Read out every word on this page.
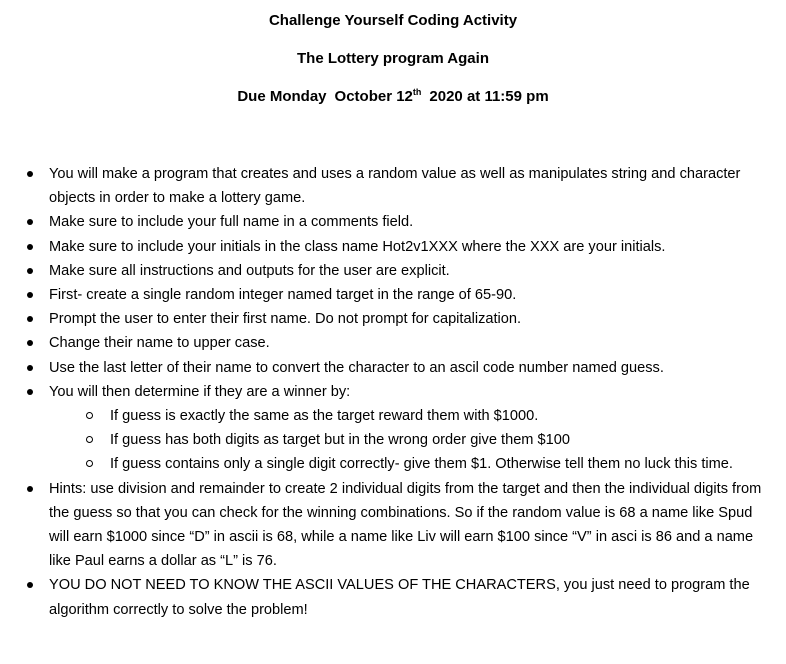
Challenge Yourself Coding Activity
The Lottery program Again
Due Monday October 12th 2020 at 11:59 pm
You will make a program that creates and uses a random value as well as manipulates string and character objects in order to make a lottery game.
Make sure to include your full name in a comments field.
Make sure to include your initials in the class name Hot2v1XXX where the XXX are your initials.
Make sure all instructions and outputs for the user are explicit.
First- create a single random integer named target in the range of 65-90.
Prompt the user to enter their first name. Do not prompt for capitalization.
Change their name to upper case.
Use the last letter of their name to convert the character to an ascil code number named guess.
You will then determine if they are a winner by:
If guess is exactly the same as the target reward them with $1000.
If guess has both digits as target but in the wrong order give them $100
If guess contains only a single digit correctly- give them $1. Otherwise tell them no luck this time.
Hints: use division and remainder to create 2 individual digits from the target and then the individual digits from the guess so that you can check for the winning combinations. So if the random value is 68 a name like Spud will earn $1000 since “D” in ascii is 68, while a name like Liv will earn $100 since “V” in asci is 86 and a name like Paul earns a dollar as “L” is 76.
YOU DO NOT NEED TO KNOW THE ASCII VALUES OF THE CHARACTERS, you just need to program the algorithm correctly to solve the problem!
